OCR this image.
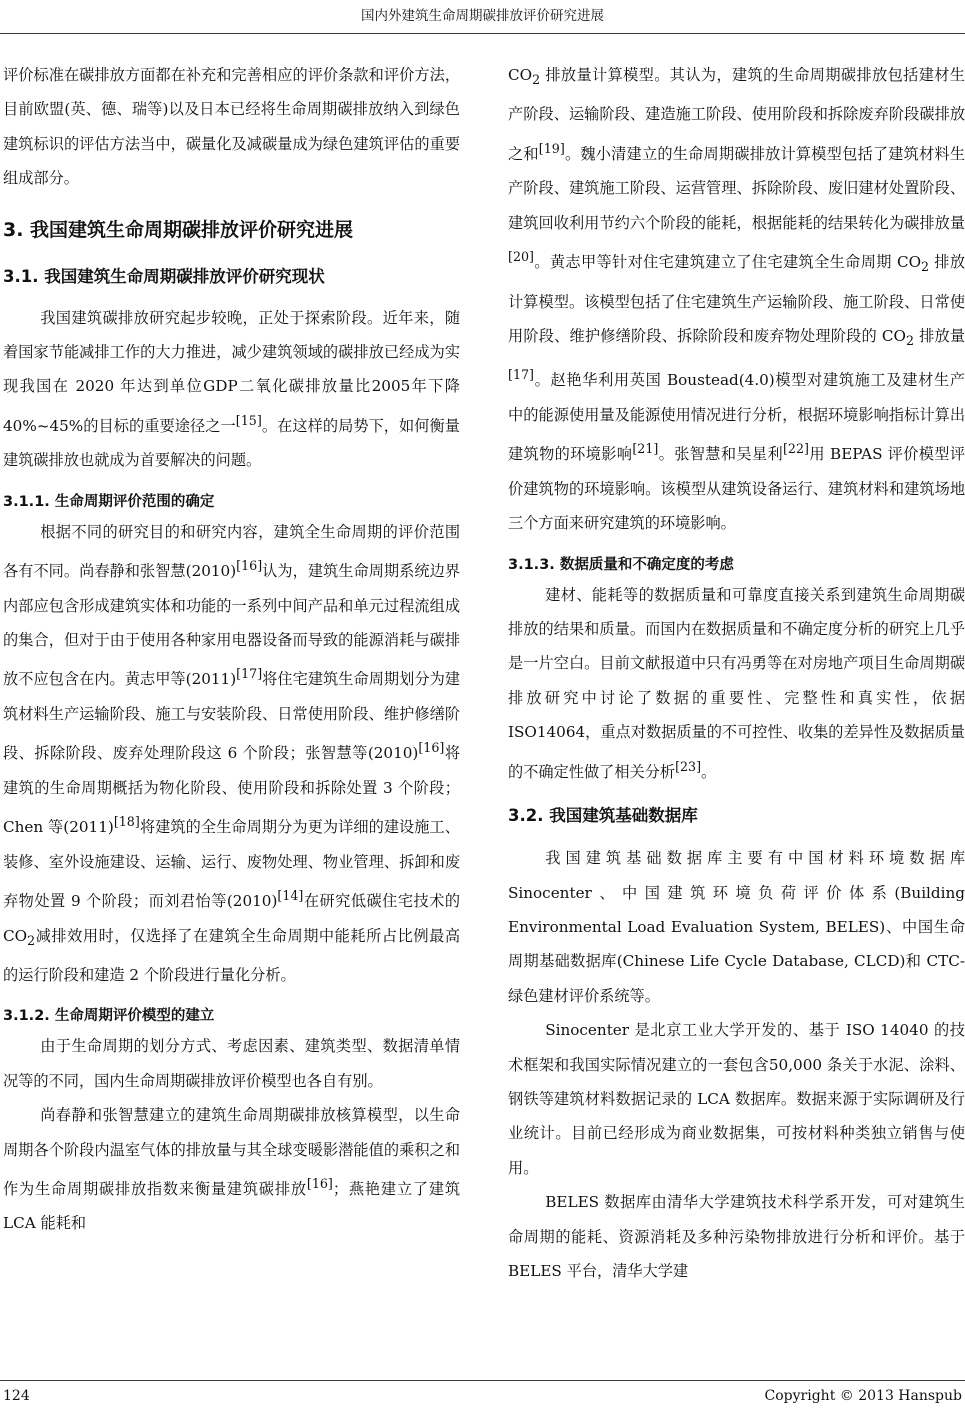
国内外建筑生命周期碳排放评价研究进展

评价标准在碳排放方面都在补充和完善相应的评价条款和评价方法，目前欧盟(英、德、瑞等)以及日本已经将生命周期碳排放纳入到绿色建筑标识的评估方法当中，碳量化及减碳量成为绿色建筑评估的重要组成部分。

3. 我国建筑生命周期碳排放评价研究进展

3.1. 我国建筑生命周期碳排放评价研究现状

我国建筑碳排放研究起步较晚，正处于探索阶段。近年来，随着国家节能减排工作的大力推进，减少建筑领域的碳排放已经成为实现我国在 2020 年达到单位GDP二氧化碳排放量比2005年下降40%~45%的目标的重要途径之一[15]。在这样的局势下，如何衡量建筑碳排放也就成为首要解决的问题。

3.1.1. 生命周期评价范围的确定

根据不同的研究目的和研究内容，建筑全生命周期的评价范围各有不同。尚春静和张智慧(2010)[16]认为，建筑生命周期系统边界内部应包含形成建筑实体和功能的一系列中间产品和单元过程流组成的集合，但对于由于使用各种家用电器设备而导致的能源消耗与碳排放不应包含在内。黄志甲等(2011)[17]将住宅建筑生命周期划分为建筑材料生产运输阶段、施工与安装阶段、日常使用阶段、维护修缮阶段、拆除阶段、废弃处理阶段这 6 个阶段；张智慧等(2010)[16]将建筑的生命周期概括为物化阶段、使用阶段和拆除处置 3 个阶段；Chen 等(2011)[18]将建筑的全生命周期分为更为详细的建设施工、装修、室外设施建设、运输、运行、废物处理、物业管理、拆卸和废弃物处置 9 个阶段；而刘君怡等(2010)[14]在研究低碳住宅技术的 $CO_2$减排效用时，仅选择了在建筑全生命周期中能耗所占比例最高的运行阶段和建造 2 个阶段进行量化分析。

3.1.2. 生命周期评价模型的建立

由于生命周期的划分方式、考虑因素、建筑类型、数据清单情况等的不同，国内生命周期碳排放评价模型也各自有别。

尚春静和张智慧建立的建筑生命周期碳排放核算模型，以生命周期各个阶段内温室气体的排放量与其全球变暖影潜能值的乘积之和作为生命周期碳排放指数来衡量建筑碳排放[16]；燕艳建立了建筑 LCA 能耗和

$CO_2$ 排放量计算模型。其认为，建筑的生命周期碳排放包括建材生产阶段、运输阶段、建造施工阶段、使用阶段和拆除废弃阶段碳排放之和[19]。魏小清建立的生命周期碳排放计算模型包括了建筑材料生产阶段、建筑施工阶段、运营管理、拆除阶段、废旧建材处置阶段、建筑回收利用节约六个阶段的能耗，根据能耗的结果转化为碳排放量[20]。黄志甲等针对住宅建筑建立了住宅建筑全生命周期 $CO_2$ 排放计算模型。该模型包括了住宅建筑生产运输阶段、施工阶段、日常使用阶段、维护修缮阶段、拆除阶段和废弃物处理阶段的 $CO_2$ 排放量[17]。赵艳华利用英国 Boustead(4.0)模型对建筑施工及建材生产中的能源使用量及能源使用情况进行分析，根据环境影响指标计算出建筑物的环境影响[21]。张智慧和吴星利[22]用 BEPAS 评价模型评价建筑物的环境影响。该模型从建筑设备运行、建筑材料和建筑场地三个方面来研究建筑的环境影响。

3.1.3. 数据质量和不确定度的考虑

建材、能耗等的数据质量和可靠度直接关系到建筑生命周期碳排放的结果和质量。而国内在数据质量和不确定度分析的研究上几乎是一片空白。目前文献报道中只有冯勇等在对房地产项目生命周期碳排放研究中讨论了数据的重要性、完整性和真实性，依据ISO14064，重点对数据质量的不可控性、收集的差异性及数据质量的不确定性做了相关分析[23]。

3.2. 我国建筑基础数据库

我国建筑基础数据库主要有中国材料环境数据库 Sinocenter、中国建筑环境负荷评价体系(Building Environmental Load Evaluation System, BELES)、中国生命周期基础数据库(Chinese Life Cycle Database, CLCD)和 CTC-绿色建材评价系统等。

Sinocenter 是北京工业大学开发的、基于 ISO 14040 的技术框架和我国实际情况建立的一套包含50,000 条关于水泥、涂料、钢铁等建筑材料数据记录的 LCA 数据库。数据来源于实际调研及行业统计。目前已经形成为商业数据集，可按材料种类独立销售与使用。

BELES 数据库由清华大学建筑技术科学系开发，可对建筑生命周期的能耗、资源消耗及多种污染物排放进行分析和评价。基于 BELES 平台，清华大学建

124	Copyright © 2013 Hanspub
